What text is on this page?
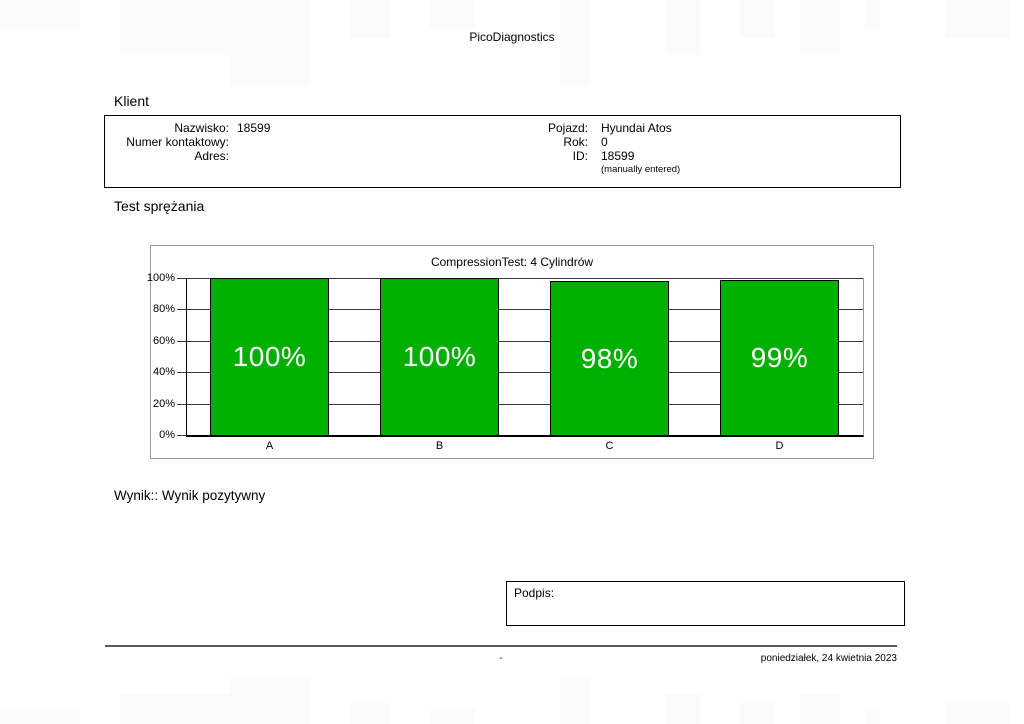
PicoDiagnostics
Klient
Nazwisko: 18599
Numer kontaktowy:
Adres:
Pojazd: Hyundai Atos
Rok: 0
ID: 18599
(manually entered)
Test sprężania
CompressionTest: 4 Cylindrów
100%
80%
60%
40%
20%
0%
100%
A
100%
B
98%
C
99%
D
Wynik:: Wynik pozytywny
Podpis:
-	poniedziałek, 24 kwietnia 2023
